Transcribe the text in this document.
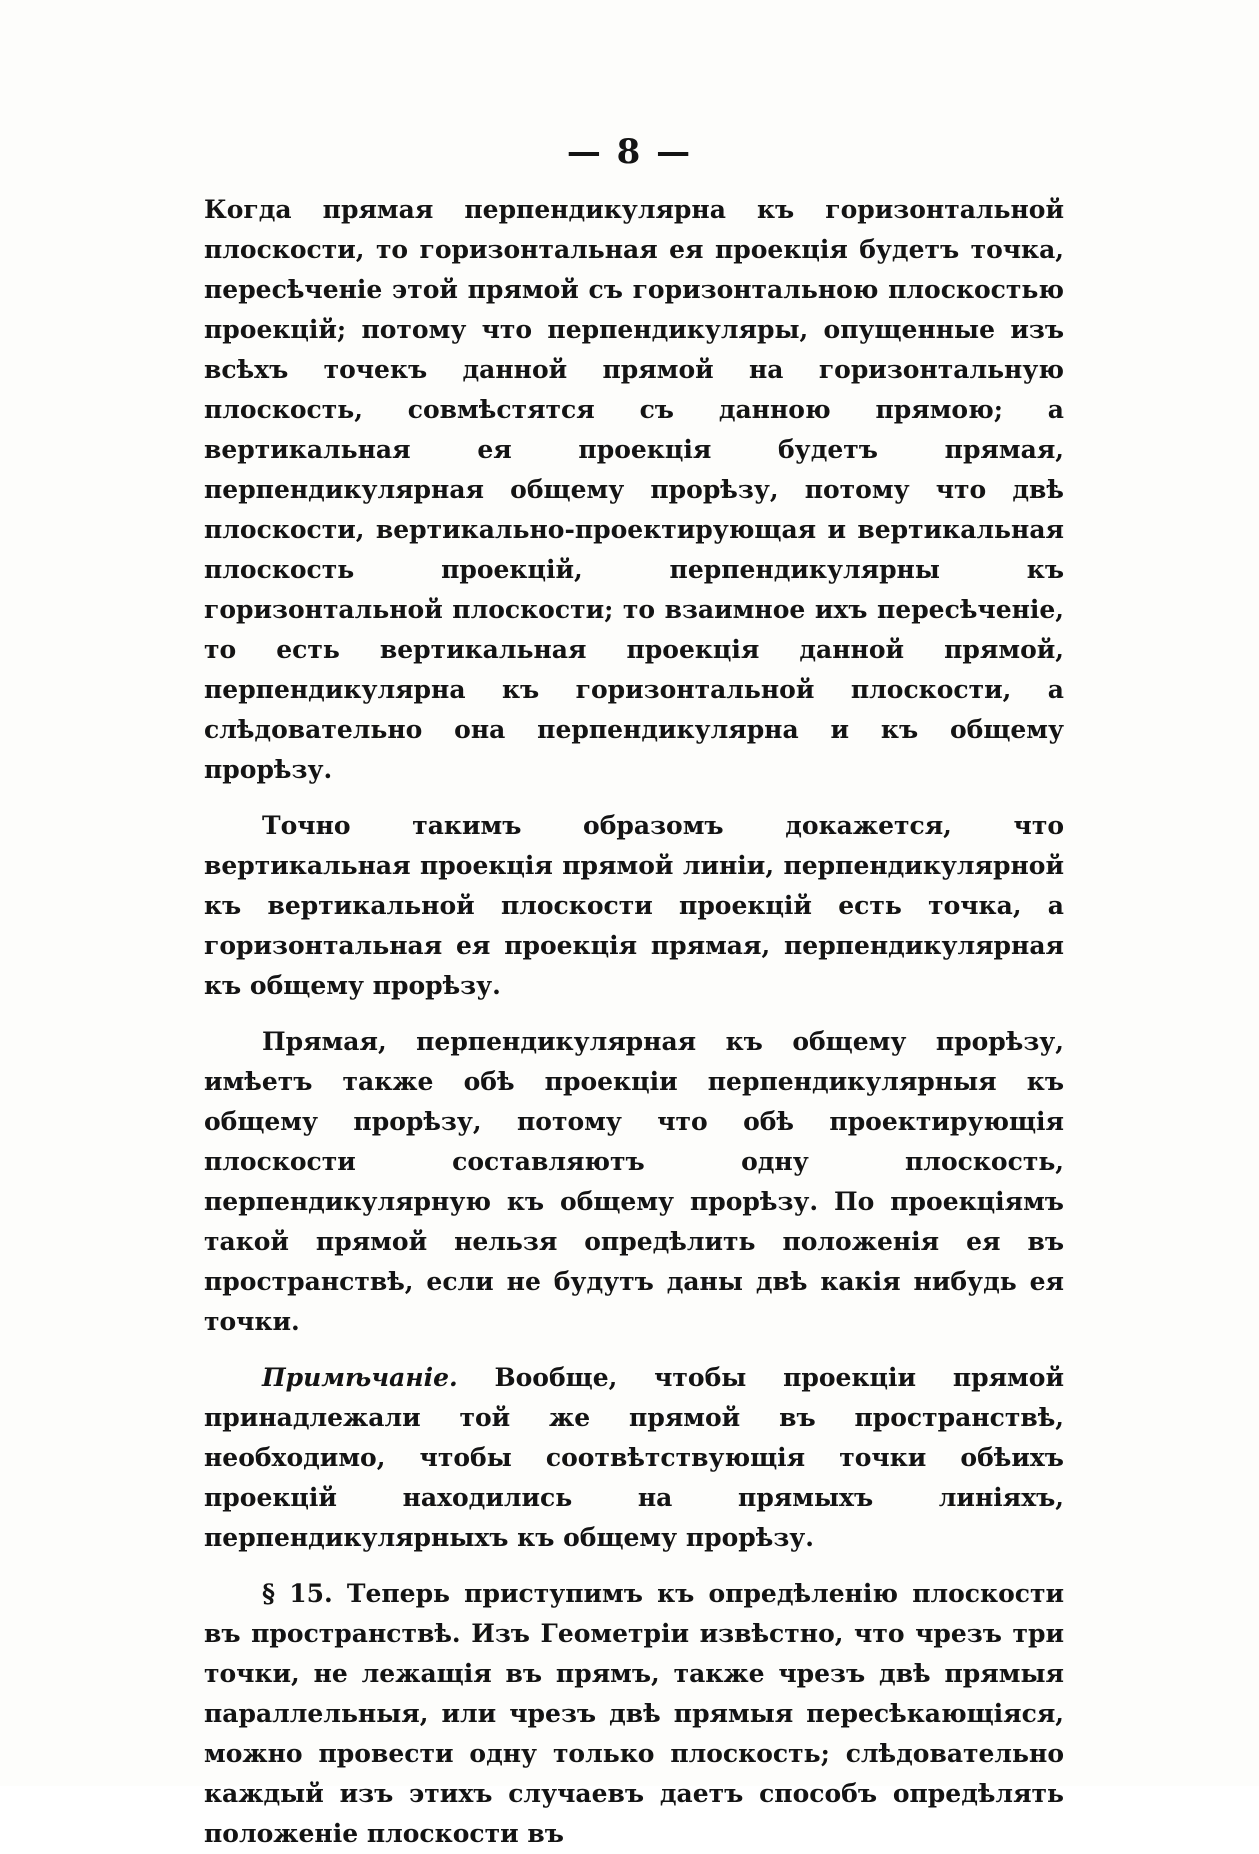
— 8 —

Когда прямая перпендикулярна къ горизонтальной плоскости, то горизонтальная ея проекція будетъ точка, пересѣченіе этой прямой съ горизонтальною плоскостью проекцій; потому что перпендикуляры, опущенные изъ всѣхъ точекъ данной прямой на горизонтальную плоскость, совмѣстятся съ данною прямою; а вертикальная ея проекція будетъ прямая, перпендикулярная общему прорѣзу, потому что двѣ плоскости, вертикально-проектирующая и вертикальная плоскость проекцій, перпендикулярны къ горизонтальной плоскости; то взаимное ихъ пересѣченіе, то есть вертикальная проекція данной прямой, перпендикулярна къ горизонтальной плоскости, а слѣдовательно она перпендикулярна и къ общему прорѣзу.

Точно такимъ образомъ докажется, что вертикальная проекція прямой линіи, перпендикулярной къ вертикальной плоскости проекцій есть точка, а горизонтальная ея проекція прямая, перпендикулярная къ общему прорѣзу.

Прямая, перпендикулярная къ общему прорѣзу, имѣетъ также обѣ проекціи перпендикулярныя къ общему прорѣзу, потому что обѣ проектирующія плоскости составляютъ одну плоскость, перпендикулярную къ общему прорѣзу. По проекціямъ такой прямой нельзя опредѣлить положенія ея въ пространствѣ, если не будутъ даны двѣ какія нибудь ея точки.

Примѣчаніе. Вообще, чтобы проекціи прямой принадлежали той же прямой въ пространствѣ, необходимо, чтобы соотвѣтствующія точки обѣихъ проекцій находились на прямыхъ линіяхъ, перпендикулярныхъ къ общему прорѣзу.

§ 15. Теперь приступимъ къ опредѣленію плоскости въ пространствѣ. Изъ Геометріи извѣстно, что чрезъ три точки, не лежащія въ прямъ, также чрезъ двѣ прямыя параллельныя, или чрезъ двѣ прямыя пересѣкающіяся, можно провести одну только плоскость; слѣдовательно каждый изъ этихъ случаевъ даетъ способъ опредѣлять положеніе плоскости въ
